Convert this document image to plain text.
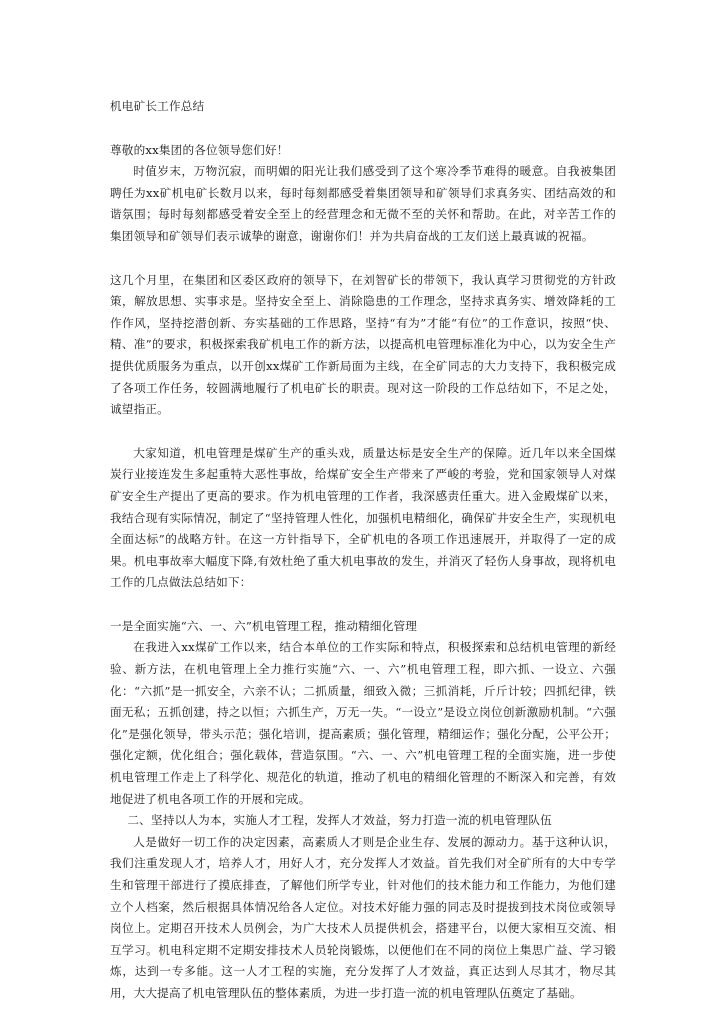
机电矿长工作总结

尊敬的xx集团的各位领导您们好！

时值岁末，万物沉寂，而明媚的阳光让我们感受到了这个寒冷季节难得的暖意。自我被集团聘任为xx矿机电矿长数月以来，每时每刻都感受着集团领导和矿领导们求真务实、团结高效的和谐氛围；每时每刻都感受着安全至上的经营理念和无微不至的关怀和帮助。在此，对辛苦工作的集团领导和矿领导们表示诚挚的谢意，谢谢你们！并为共肩奋战的工友们送上最真诚的祝福。

这几个月里，在集团和区委区政府的领导下，在刘智矿长的带领下，我认真学习贯彻党的方针政策，解放思想、实事求是。坚持安全至上、消除隐患的工作理念，坚持求真务实、增效降耗的工作作风，坚持挖潜创新、夯实基础的工作思路，坚持“有为”才能“有位”的工作意识，按照“快、精、准”的要求，积极探索我矿机电工作的新方法，以提高机电管理标准化为中心，以为安全生产提供优质服务为重点，以开创xx煤矿工作新局面为主线，在全矿同志的大力支持下，我积极完成了各项工作任务，较圆满地履行了机电矿长的职责。现对这一阶段的工作总结如下，不足之处，诚望指正。

大家知道，机电管理是煤矿生产的重头戏，质量达标是安全生产的保障。近几年以来全国煤炭行业接连发生多起重特大恶性事故，给煤矿安全生产带来了严峻的考验，党和国家领导人对煤矿安全生产提出了更高的要求。作为机电管理的工作者，我深感责任重大。进入金殿煤矿以来，我结合现有实际情况，制定了“坚持管理人性化，加强机电精细化，确保矿井安全生产，实现机电全面达标”的战略方针。在这一方针指导下，全矿机电的各项工作迅速展开，并取得了一定的成果。机电事故率大幅度下降,有效杜绝了重大机电事故的发生，并消灭了轻伤人身事故，现将机电工作的几点做法总结如下：

一是全面实施“六、一、六”机电管理工程，推动精细化管理

在我进入xx煤矿工作以来，结合本单位的工作实际和特点，积极探索和总结机电管理的新经验、新方法，在机电管理上全力推行实施“六、一、六”机电管理工程，即六抓、一设立、六强化：“六抓”是一抓安全，六亲不认；二抓质量，细致入微；三抓消耗，斤斤计较；四抓纪律，铁面无私；五抓创建，持之以恒；六抓生产，万无一失。“一设立”是设立岗位创新激励机制。“六强化”是强化领导，带头示范；强化培训，提高素质；强化管理，精细运作；强化分配，公平公开；强化定额，优化组合；强化载体，营造氛围。“六、一、六”机电管理工程的全面实施，进一步使机电管理工作走上了科学化、规范化的轨道，推动了机电的精细化管理的不断深入和完善，有效地促进了机电各项工作的开展和完成。

二、坚持以人为本，实施人才工程，发挥人才效益，努力打造一流的机电管理队伍

人是做好一切工作的决定因素，高素质人才则是企业生存、发展的源动力。基于这种认识，我们注重发现人才，培养人才，用好人才，充分发挥人才效益。首先我们对全矿所有的大中专学生和管理干部进行了摸底排查，了解他们所学专业，针对他们的技术能力和工作能力，为他们建立个人档案，然后根据具体情况给各人定位。对技术好能力强的同志及时提拔到技术岗位或领导岗位上。定期召开技术人员例会，为广大技术人员提供机会，搭建平台，以便大家相互交流、相互学习。机电科定期不定期安排技术人员轮岗锻炼，以便他们在不同的岗位上集思广益、学习锻炼，达到一专多能。这一人才工程的实施，充分发挥了人才效益，真正达到人尽其才，物尽其用，大大提高了机电管理队伍的整体素质，为进一步打造一流的机电管理队伍奠定了基础。
